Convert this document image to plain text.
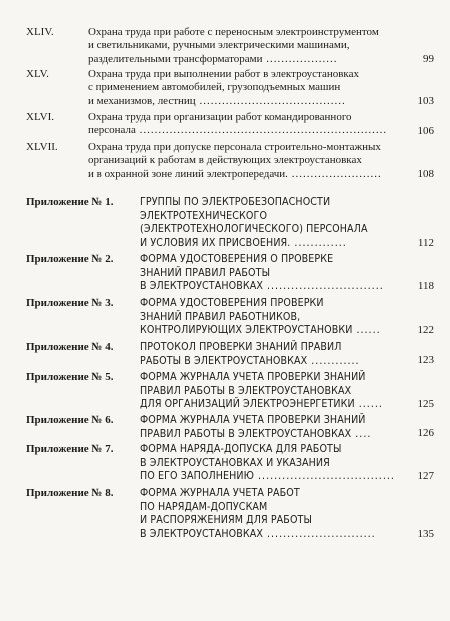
XLIV.	Охрана труда при работе с переносным электроинструментом
и светильниками, ручными электрическими машинами,
разделительными трансформаторами ...................	99
XLV.	Охрана труда при выполнении работ в электроустановках
с применением автомобилей, грузоподъемных машин
и механизмов, лестниц .......................................	103
XLVI.	Охрана труда при организации работ командированного
персонала ..................................................................	106
XLVII.	Охрана труда при допуске персонала строительно-монтажных
организаций к работам в действующих электроустановках
и в охранной зоне линий электропередачи. ........................	108
Приложение № 1.	ГРУППЫ ПО ЭЛЕКТРОБЕЗОПАСНОСТИ
ЭЛЕКТРОТЕХНИЧЕСКОГО
(ЭЛЕКТРОТЕХНОЛОГИЧЕСКОГО) ПЕРСОНАЛА
И УСЛОВИЯ ИХ ПРИСВОЕНИЯ. .............	112
Приложение № 2.	ФОРМА УДОСТОВЕРЕНИЯ О ПРОВЕРКЕ
ЗНАНИЙ ПРАВИЛ РАБОТЫ
В ЭЛЕКТРОУСТАНОВКАХ .............................	118
Приложение № 3.	ФОРМА УДОСТОВЕРЕНИЯ ПРОВЕРКИ
ЗНАНИЙ ПРАВИЛ РАБОТНИКОВ,
КОНТРОЛИРУЮЩИХ ЭЛЕКТРОУСТАНОВКИ ......	122
Приложение № 4.	ПРОТОКОЛ ПРОВЕРКИ ЗНАНИЙ ПРАВИЛ
РАБОТЫ В ЭЛЕКТРОУСТАНОВКАХ ............	123
Приложение № 5.	ФОРМА ЖУРНАЛА УЧЕТА ПРОВЕРКИ ЗНАНИЙ
ПРАВИЛ РАБОТЫ В ЭЛЕКТРОУСТАНОВКАХ
ДЛЯ ОРГАНИЗАЦИЙ ЭЛЕКТРОЭНЕРГЕТИКИ ......	125
Приложение № 6.	ФОРМА ЖУРНАЛА УЧЕТА ПРОВЕРКИ ЗНАНИЙ
ПРАВИЛ РАБОТЫ В ЭЛЕКТРОУСТАНОВКАХ ....	126
Приложение № 7.	ФОРМА НАРЯДА-ДОПУСКА ДЛЯ РАБОТЫ
В ЭЛЕКТРОУСТАНОВКАХ И УКАЗАНИЯ
ПО ЕГО ЗАПОЛНЕНИЮ ..................................	127
Приложение № 8.	ФОРМА ЖУРНАЛА УЧЕТА РАБОТ
ПО НАРЯДАМ-ДОПУСКАМ
И РАСПОРЯЖЕНИЯМ ДЛЯ РАБОТЫ
В ЭЛЕКТРОУСТАНОВКАХ ...........................	135
